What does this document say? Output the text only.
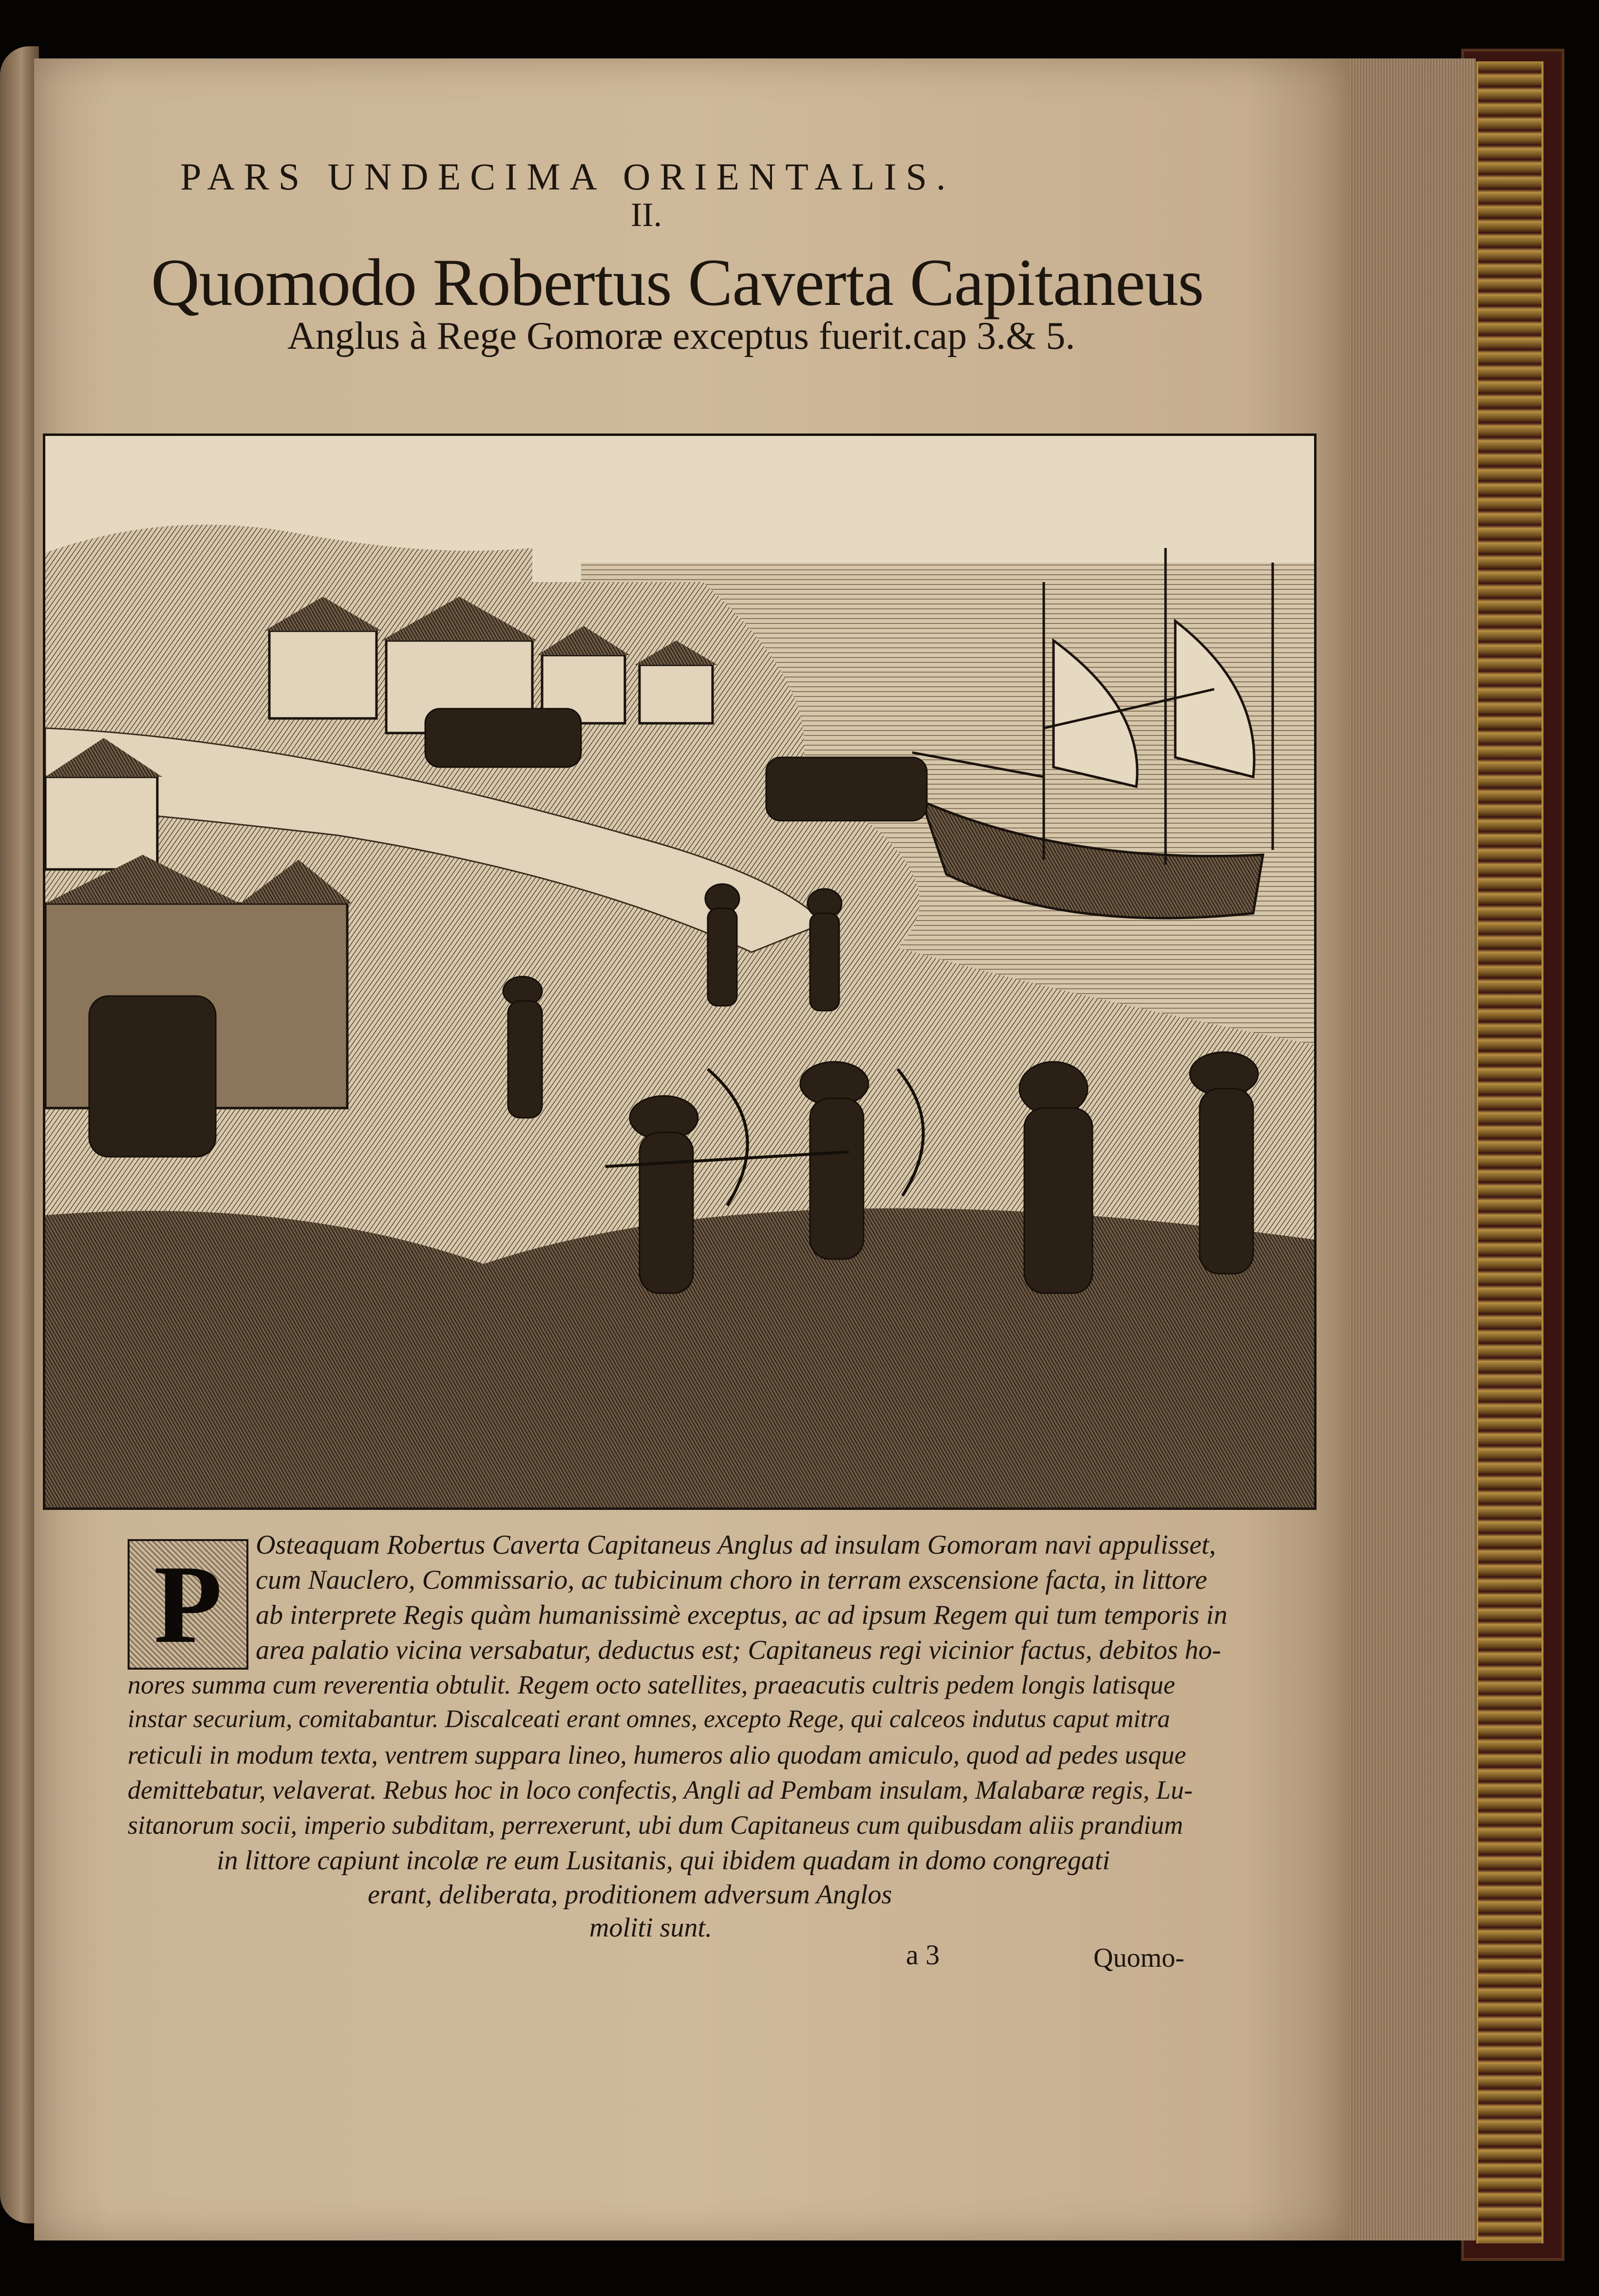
PARS UNDECIMA ORIENTALIS.
II.
Quomodo Robertus Caverta Capitaneus
Anglus à Rege Gomoræ exceptus fuerit.cap 3.& 5.
P	Osteaquam Robertus Caverta Capitaneus Anglus ad insulam Gomoram navi appulisset,
cum Nauclero, Commissario, ac tubicinum choro in terram exscensione facta, in littore
ab interprete Regis quàm humanissimè exceptus, ac ad ipsum Regem qui tum temporis in
area palatio vicina versabatur, deductus est; Capitaneus regi vicinior factus, debitos ho-
nores summa cum reverentia obtulit. Regem octo satellites, praeacutis cultris pedem longis latisque
instar securium, comitabantur. Discalceati erant omnes, excepto Rege, qui calceos indutus caput mitra
reticuli in modum texta, ventrem suppara lineo, humeros alio quodam amiculo, quod ad pedes usque
demittebatur, velaverat. Rebus hoc in loco confectis, Angli ad Pembam insulam, Malabaræ regis, Lu-
sitanorum socii, imperio subditam, perrexerunt, ubi dum Capitaneus cum quibusdam aliis prandium
in littore capiunt incolæ re eum Lusitanis, qui ibidem quadam in domo congregati
erant, deliberata, proditionem adversum Anglos
moliti sunt.
a 3	Quomo-
